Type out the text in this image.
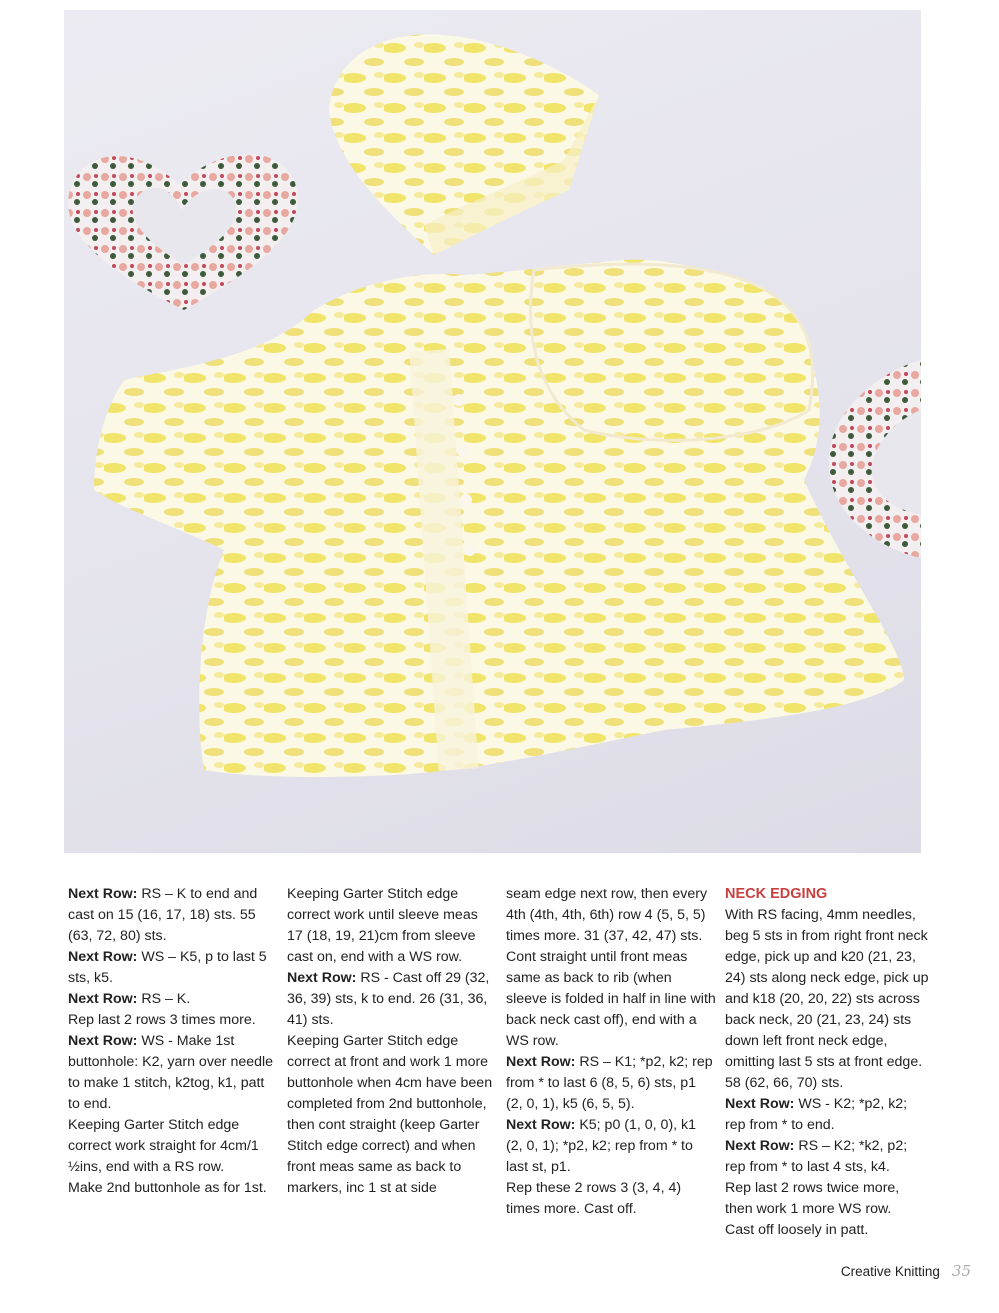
Next Row: RS – K to end and cast on 15 (16, 17, 18) sts. 55 (63, 72, 80) sts.

Next Row: WS – K5, p to last 5 sts, k5.

Next Row: RS – K.

Rep last 2 rows 3 times more.

Next Row: WS - Make 1st buttonhole: K2, yarn over needle to make 1 stitch, k2tog, k1, patt to end.

Keeping Garter Stitch edge correct work straight for 4cm/1 ½ins, end with a RS row.

Make 2nd buttonhole as for 1st.

Keeping Garter Stitch edge correct work until sleeve meas 17 (18, 19, 21)cm from sleeve cast on, end with a WS row.

Next Row: RS - Cast off 29 (32, 36, 39) sts, k to end. 26 (31, 36, 41) sts.

Keeping Garter Stitch edge correct at front and work 1 more buttonhole when 4cm have been completed from 2nd buttonhole, then cont straight (keep Garter Stitch edge correct) and when front meas same as back to markers, inc 1 st at side

seam edge next row, then every 4th (4th, 4th, 6th) row 4 (5, 5, 5) times more. 31 (37, 42, 47) sts.

Cont straight until front meas same as back to rib (when sleeve is folded in half in line with back neck cast off), end with a WS row.

Next Row: RS – K1; *p2, k2; rep from * to last 6 (8, 5, 6) sts, p1 (2, 0, 1), k5 (6, 5, 5).

Next Row: K5; p0 (1, 0, 0), k1 (2, 0, 1); *p2, k2; rep from * to last st, p1.

Rep these 2 rows 3 (3, 4, 4) times more. Cast off.

NECK EDGING

With RS facing, 4mm needles, beg 5 sts in from right front neck edge, pick up and k20 (21, 23, 24) sts along neck edge, pick up and k18 (20, 20, 22) sts across back neck, 20 (21, 23, 24) sts down left front neck edge, omitting last 5 sts at front edge. 58 (62, 66, 70) sts.

Next Row: WS - K2; *p2, k2; rep from * to end.

Next Row: RS – K2; *k2, p2; rep from * to last 4 sts, k4.

Rep last 2 rows twice more, then work 1 more WS row.

Cast off loosely in patt.

Creative Knitting 35
